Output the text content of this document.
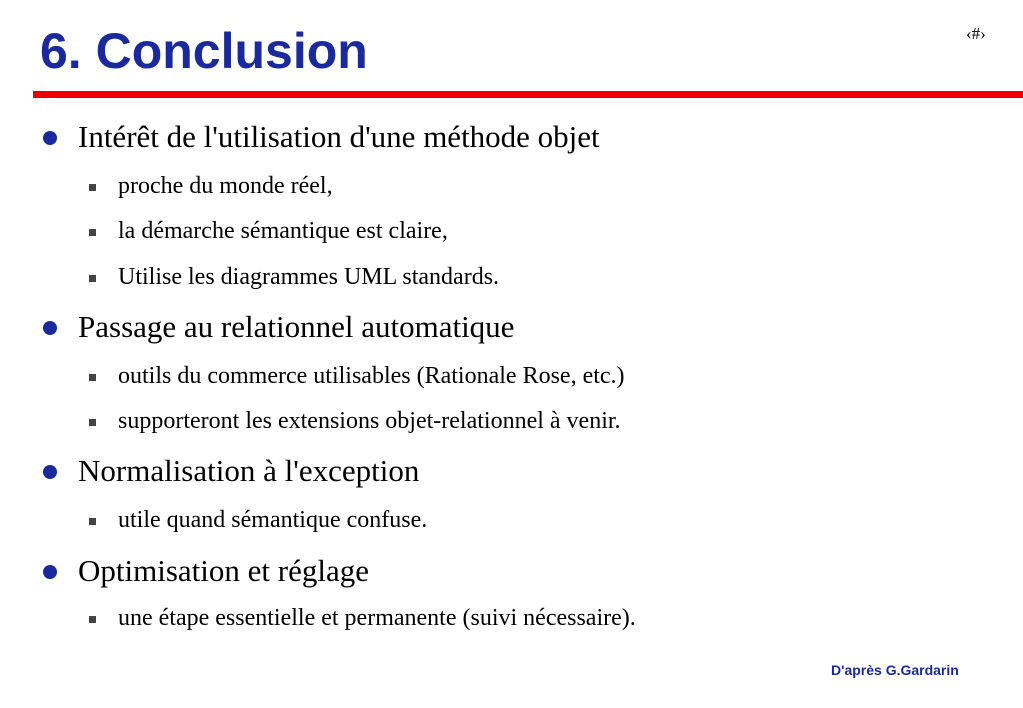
6. Conclusion	‹#›
Intérêt de l'utilisation d'une méthode objet
proche du monde réel,
la démarche sémantique est claire,
Utilise les diagrammes UML standards.
Passage au relationnel automatique
outils du commerce utilisables (Rationale Rose, etc.)
supporteront les extensions objet-relationnel à venir.
Normalisation à l'exception
utile quand sémantique confuse.
Optimisation et réglage
une étape essentielle et permanente (suivi nécessaire).
D'après G.Gardarin
